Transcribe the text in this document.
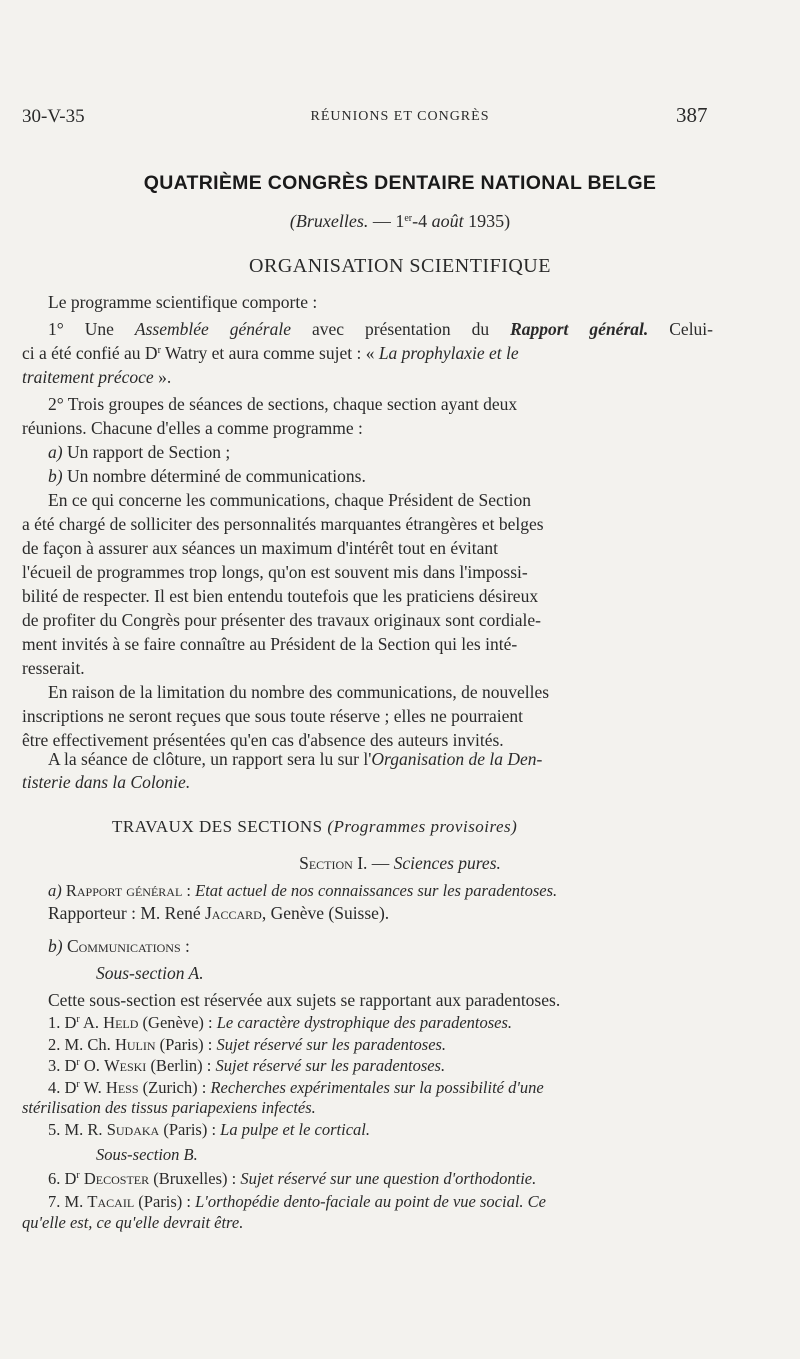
30-V-35	RÉUNIONS ET CONGRÈS	387
QUATRIÈME CONGRÈS DENTAIRE NATIONAL BELGE
(Bruxelles. — 1er-4 août 1935)
ORGANISATION SCIENTIFIQUE
Le programme scientifique comporte :
1° Une Assemblée générale avec présentation du Rapport général. Celui-
ci a été confié au $D^r$ Watry et aura comme sujet : « La prophylaxie et le
traitement précoce ».
2° Trois groupes de séances de sections, chaque section ayant deux
réunions. Chacune d'elles a comme programme :
a) Un rapport de Section ;
b) Un nombre déterminé de communications.
En ce qui concerne les communications, chaque Président de Section
a été chargé de solliciter des personnalités marquantes étrangères et belges
de façon à assurer aux séances un maximum d'intérêt tout en évitant
l'écueil de programmes trop longs, qu'on est souvent mis dans l'impossi-
bilité de respecter. Il est bien entendu toutefois que les praticiens désireux
de profiter du Congrès pour présenter des travaux originaux sont cordiale-
ment invités à se faire connaître au Président de la Section qui les inté-
resserait.
En raison de la limitation du nombre des communications, de nouvelles
inscriptions ne seront reçues que sous toute réserve ; elles ne pourraient
être effectivement présentées qu'en cas d'absence des auteurs invités.
A la séance de clôture, un rapport sera lu sur l'Organisation de la Den-
tisterie dans la Colonie.
TRAVAUX DES SECTIONS (Programmes provisoires)
Section I. — Sciences pures.
a) Rapport général : Etat actuel de nos connaissances sur les paradentoses.
Rapporteur : M. René Jaccard, Genève (Suisse).
b) Communications :
Sous-section A.
Cette sous-section est réservée aux sujets se rapportant aux paradentoses.
1. $D^r$ A. Held (Genève) : Le caractère dystrophique des paradentoses.
2. M. Ch. Hulin (Paris) : Sujet réservé sur les paradentoses.
3. $D^r$ O. Weski (Berlin) : Sujet réservé sur les paradentoses.
4. $D^r$ W. Hess (Zurich) : Recherches expérimentales sur la possibilité d'une
stérilisation des tissus pariapexiens infectés.
5. M. R. Sudaka (Paris) : La pulpe et le cortical.
Sous-section B.
6. $D^r$ Decoster (Bruxelles) : Sujet réservé sur une question d'orthodontie.
7. M. Tacail (Paris) : L'orthopédie dento-faciale au point de vue social. Ce
qu'elle est, ce qu'elle devrait être.
